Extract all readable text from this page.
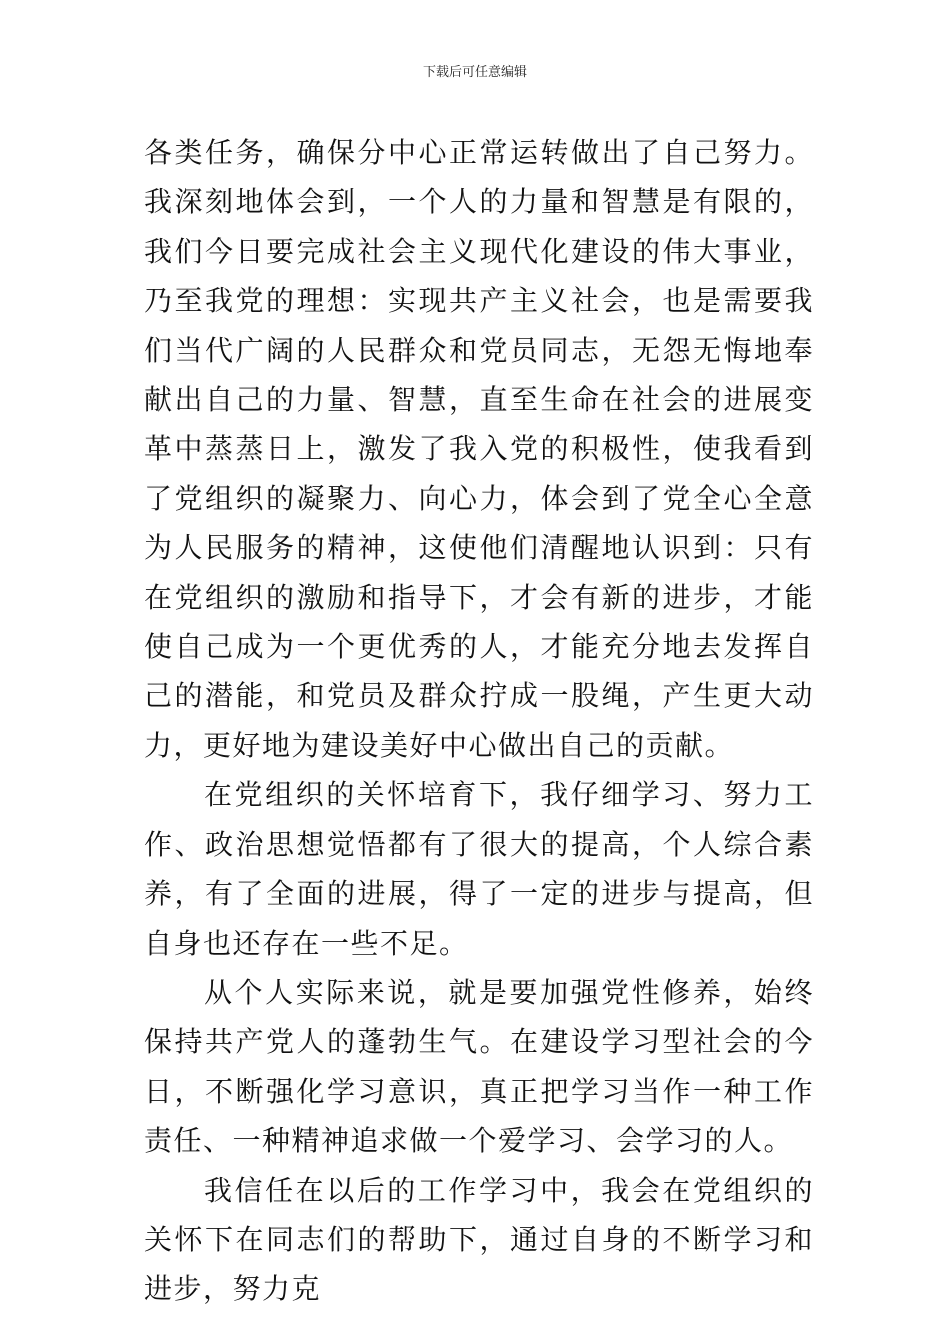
下载后可任意编辑

各类任务，确保分中心正常运转做出了自己努力。我深刻地体会到，一个人的力量和智慧是有限的，我们今日要完成社会主义现代化建设的伟大事业，乃至我党的理想：实现共产主义社会，也是需要我们当代广阔的人民群众和党员同志，无怨无悔地奉献出自己的力量、智慧，直至生命在社会的进展变革中蒸蒸日上，激发了我入党的积极性，使我看到了党组织的凝聚力、向心力，体会到了党全心全意为人民服务的精神，这使他们清醒地认识到：只有在党组织的激励和指导下，才会有新的进步，才能使自己成为一个更优秀的人，才能充分地去发挥自己的潜能，和党员及群众拧成一股绳，产生更大动力，更好地为建设美好中心做出自己的贡献。

在党组织的关怀培育下，我仔细学习、努力工作、政治思想觉悟都有了很大的提高，个人综合素养，有了全面的进展，得了一定的进步与提高，但自身也还存在一些不足。

从个人实际来说，就是要加强党性修养，始终保持共产党人的蓬勃生气。在建设学习型社会的今日，不断强化学习意识，真正把学习当作一种工作责任、一种精神追求做一个爱学习、会学习的人。

我信任在以后的工作学习中，我会在党组织的关怀下在同志们的帮助下，通过自身的不断学习和进步，努力克
